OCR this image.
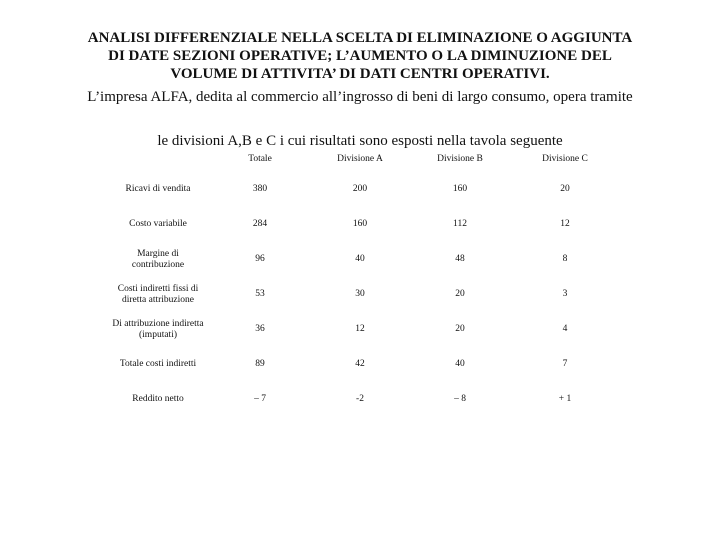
ANALISI DIFFERENZIALE NELLA SCELTA DI ELIMINAZIONE O AGGIUNTA
DI DATE SEZIONI OPERATIVE; L’AUMENTO O LA DIMINUZIONE DEL
VOLUME DI ATTIVITA’ DI DATI CENTRI OPERATIVI.

L’impresa ALFA, dedita al commercio all’ingrosso di beni di largo consumo, opera tramite

le divisioni A,B e C i cui risultati sono esposti nella tavola seguente

	Totale	Divisione A	Divisione B	Divisione C
Ricavi di vendita	380	200	160	20
Costo variabile	284	160	112	12
Margine di contribuzione	96	40	48	8
Costi indiretti fissi di diretta attribuzione	53	30	20	3
Di attribuzione indiretta (imputati)	36	12	20	4
Totale costi indiretti	89	42	40	7
Reddito netto	– 7	-2	– 8	+ 1
